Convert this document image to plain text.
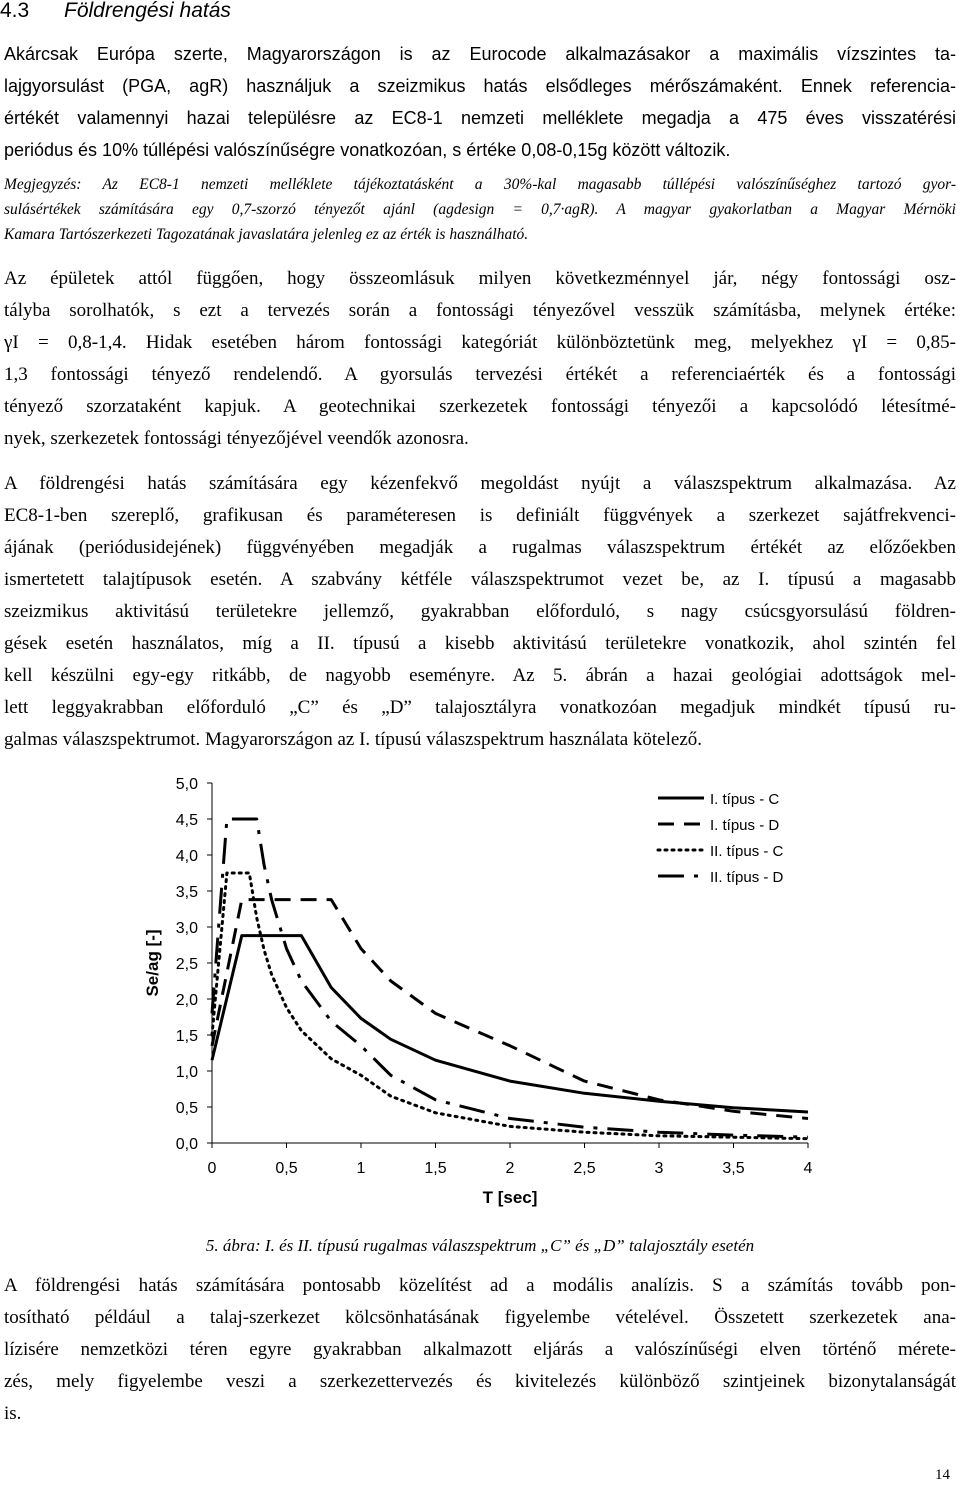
4.3 Földrengési hatás
Akárcsak Európa szerte, Magyarországon is az Eurocode alkalmazásakor a maximális vízszintes ta-
lajgyorsulást (PGA, agR) használjuk a szeizmikus hatás elsődleges mérőszámaként. Ennek referencia-
értékét valamennyi hazai településre az EC8-1 nemzeti melléklete megadja a 475 éves visszatérési
periódus és 10% túllépési valószínűségre vonatkozóan, s értéke 0,08-0,15g között változik.
Megjegyzés: Az EC8-1 nemzeti melléklete tájékoztatásként a 30%-kal magasabb túllépési valószínűséghez tartozó gyor-
sulásértékek számítására egy 0,7-szorzó tényezőt ajánl (agdesign = 0,7·agR). A magyar gyakorlatban a Magyar Mérnöki
Kamara Tartószerkezeti Tagozatának javaslatára jelenleg ez az érték is használható.
Az épületek attól függően, hogy összeomlásuk milyen következménnyel jár, négy fontossági osz-
tályba sorolhatók, s ezt a tervezés során a fontossági tényezővel vesszük számításba, melynek értéke:
γI = 0,8-1,4. Hidak esetében három fontossági kategóriát különböztetünk meg, melyekhez γI = 0,85-
1,3 fontossági tényező rendelendő. A gyorsulás tervezési értékét a referenciaérték és a fontossági
tényező szorzataként kapjuk. A geotechnikai szerkezetek fontossági tényezői a kapcsolódó létesítmé-
nyek, szerkezetek fontossági tényezőjével veendők azonosra.
A földrengési hatás számítására egy kézenfekvő megoldást nyújt a válaszspektrum alkalmazása. Az
EC8-1-ben szereplő, grafikusan és paraméteresen is definiált függvények a szerkezet sajátfrekvenci-
ájának (periódusidejének) függvényében megadják a rugalmas válaszspektrum értékét az előzőekben
ismertetett talajtípusok esetén. A szabvány kétféle válaszspektrumot vezet be, az I. típusú a magasabb
szeizmikus aktivitású területekre jellemző, gyakrabban előforduló, s nagy csúcsgyorsulású földren-
gések esetén használatos, míg a II. típusú a kisebb aktivitású területekre vonatkozik, ahol szintén fel
kell készülni egy-egy ritkább, de nagyobb eseményre. Az 5. ábrán a hazai geológiai adottságok mel-
lett leggyakrabban előforduló „C” és „D” talajosztályra vonatkozóan megadjuk mindkét típusú ru-
galmas válaszspektrumot. Magyarországon az I. típusú válaszspektrum használata kötelező.
0,0
0,5
1,0
1,5
2,0
2,5
3,0
3,5
4,0
4,5
5,0
0	0,5	1	1,5	2	2,5	3	3,5	4
T [sec]
Se/ag [-]
I. típus - C
I. típus - D
II. típus - C
II. típus - D
5. ábra: I. és II. típusú rugalmas válaszspektrum „C” és „D” talajosztály esetén
A földrengési hatás számítására pontosabb közelítést ad a modális analízis. S a számítás tovább pon-
tosítható például a talaj-szerkezet kölcsönhatásának figyelembe vételével. Összetett szerkezetek ana-
lízisére nemzetközi téren egyre gyakrabban alkalmazott eljárás a valószínűségi elven történő mérete-
zés, mely figyelembe veszi a szerkezettervezés és kivitelezés különböző szintjeinek bizonytalanságát
is.
14
